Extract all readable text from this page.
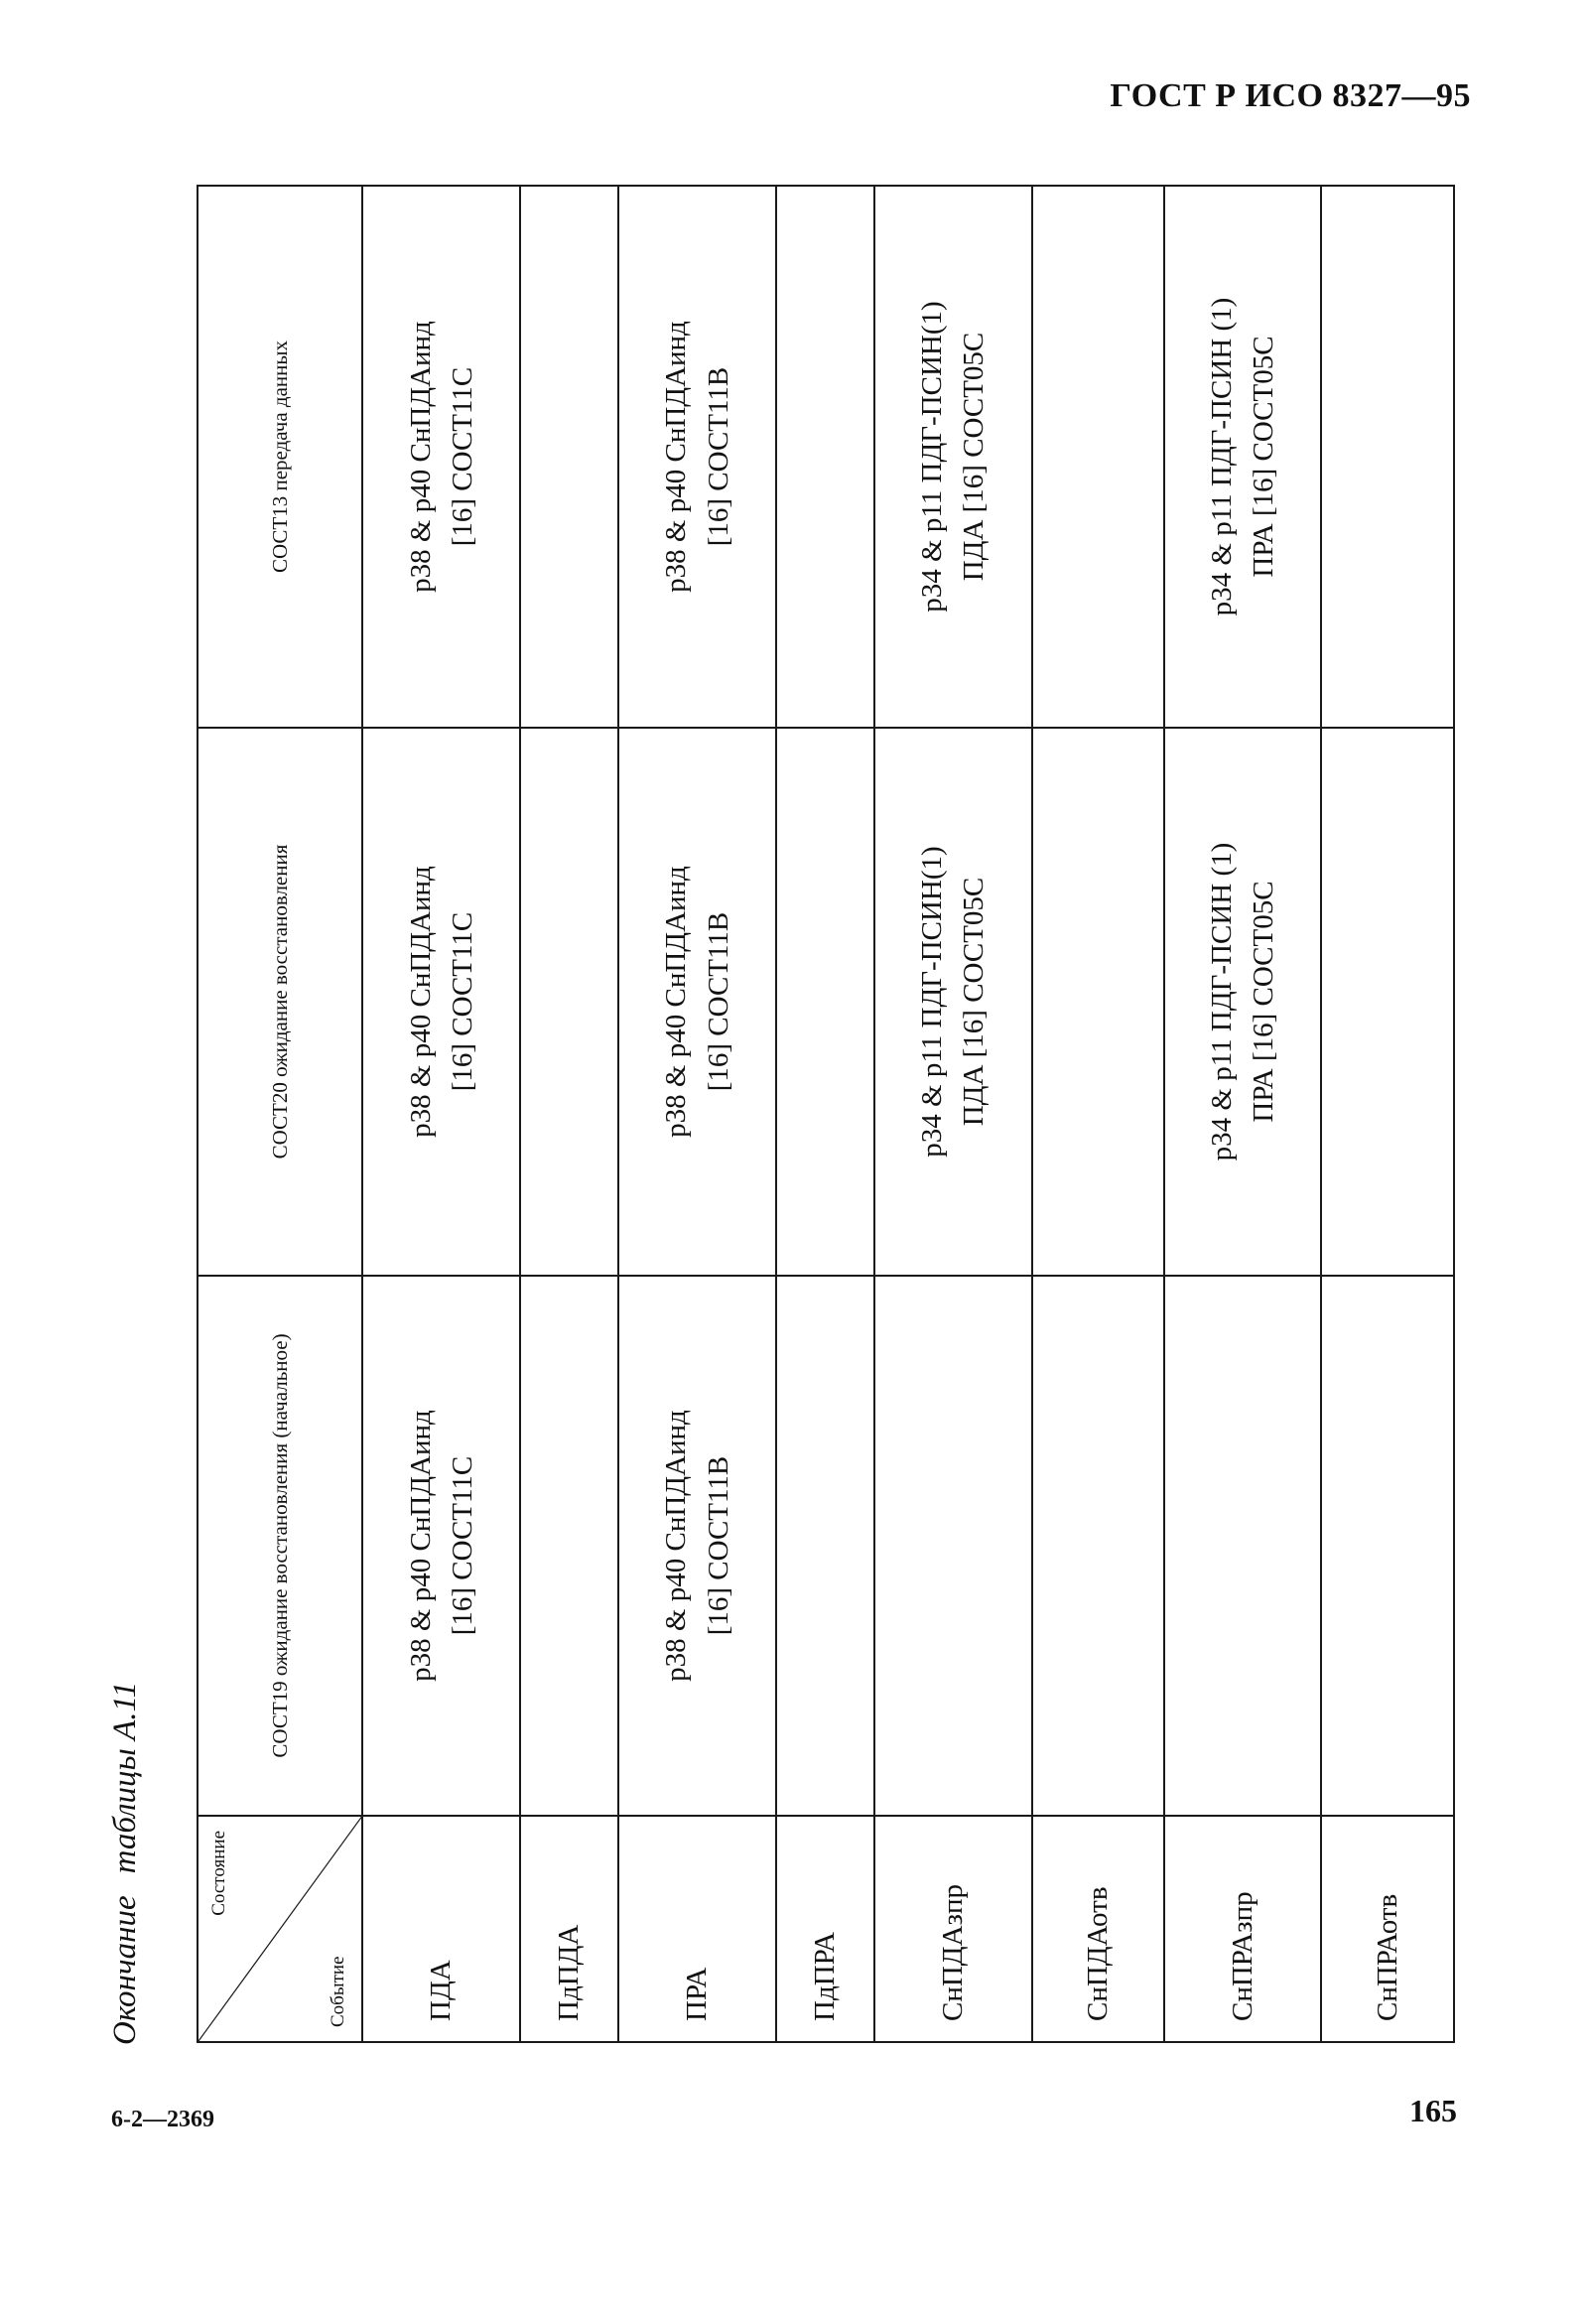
ГОСТ Р ИСО 8327—95
Окончаниетаблицы А.11	Состояние
Событие	СОСТ19 ожидание восстановления (начальное)	СОСТ20 ожидание восстановления	СОСТ13 передача данных
ПДА	p38 & p40 СнПДАинд [16] СОСТ11С	p38 & p40 СнПДАинд [16] СОСТ11С	p38 & p40 СнПДАинд [16] СОСТ11С

ПдПДА			
ПРА	p38 & p40 СнПДАинд [16] СОСТ11В	p38 & p40 СнПДАинд [16] СОСТ11В	p38 & p40 СнПДАинд [16] СОСТ11В

ПдПРА			
СнПДАзпр		p34 & p11 ПДГ-ПСИН(1) ПДА [16] СОСТ05С	p34 & p11 ПДГ-ПСИН(1) ПДА [16] СОСТ05С

СнПДАотв			
СнПРАзпр		p34 & p11 ПДГ-ПСИН (1) ПРА [16] СОСТ05С	p34 & p11 ПДГ-ПСИН (1) ПРА [16] СОСТ05С

СнПРАотв			
6-2—2369	165
